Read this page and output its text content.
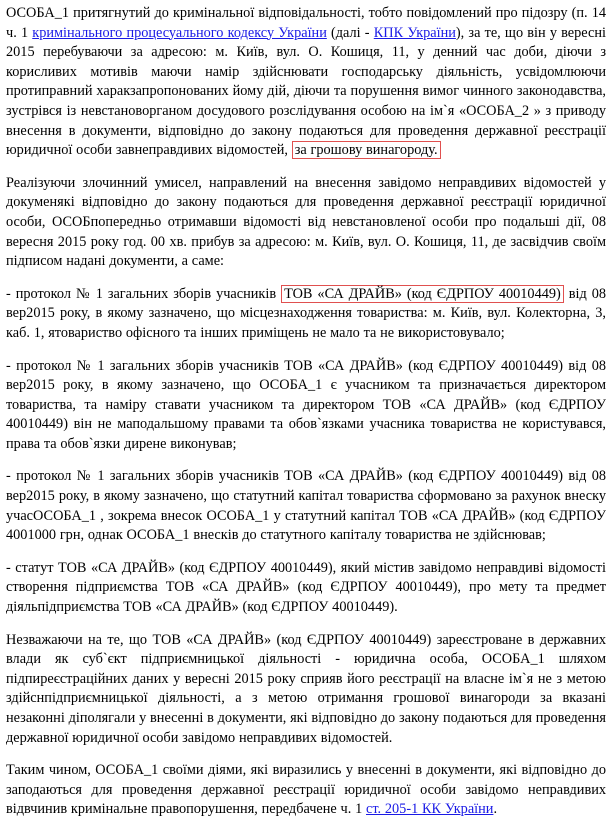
ОСОБА_1 притягнутий до кримінальної відповідальності, тобто повідомлений про підозру (п. 14 ч. 1 кримінального процесуального кодексу України (далі - КПК України), за те, що він у вересні 2015 перебуваючи за адресою: м. Київ, вул. О. Кошиця, 11, у денний час доби, діючи з корисливих мотивів маючи намір здійснювати господарську діяльність, усвідомлюючи протиправний харакзапропонованих йому дій, діючи та порушення вимог чинного законодавства, зустрівся із невстановорганом досудового розслідування особою на ім`я «ОСОБА_2 » з приводу внесення в документи, відповідно до закону подаються для проведення державної реєстрації юридичної особи завнеправдивих відомостей, за грошову винагороду.

Реалізуючи злочинний умисел, направлений на внесення завідомо неправдивих відомостей у докуменякі відповідно до закону подаються для проведення державної реєстрації юридичної особи, ОСОБпопередньо отримавши відомості від невстановленої особи про подальші дії, 08 вересня 2015 року год. 00 хв. прибув за адресою: м. Київ, вул. О. Кошиця, 11, де засвідчив своїм підписом надані документи, а саме:

- протокол № 1 загальних зборів учасників ТОВ «СА ДРАЙВ» (код ЄДРПОУ 40010449) від 08 вер2015 року, в якому зазначено, що місцезнаходження товариства: м. Київ, вул. Колекторна, 3, каб. 1, ятовариство офісного та інших приміщень не мало та не використовувало;

- протокол № 1 загальних зборів учасників ТОВ «СА ДРАЙВ» (код ЄДРПОУ 40010449) від 08 вер2015 року, в якому зазначено, що ОСОБА_1 є учасником та призначається директором товариства, та наміру ставати учасником та директором ТОВ «СА ДРАЙВ» (код ЄДРПОУ 40010449) він не маподальшому правами та обов`язками учасника товариства не користувався, права та обов`язки дирене виконував;

- протокол № 1 загальних зборів учасників ТОВ «СА ДРАЙВ» (код ЄДРПОУ 40010449) від 08 вер2015 року, в якому зазначено, що статутний капітал товариства сформовано за рахунок внеску учасОСОБА_1 , зокрема внесок ОСОБА_1 у статутний капітал ТОВ «СА ДРАЙВ» (код ЄДРПОУ 4001000 грн, однак ОСОБА_1 внесків до статутного капіталу товариства не здійснював;

- статут ТОВ «СА ДРАЙВ» (код ЄДРПОУ 40010449), який містив завідомо неправдиві відомості створення підприємства ТОВ «СА ДРАЙВ» (код ЄДРПОУ 40010449), про мету та предмет діяльпідприємства ТОВ «СА ДРАЙВ» (код ЄДРПОУ 40010449).

Незважаючи на те, що ТОВ «СА ДРАЙВ» (код ЄДРПОУ 40010449) зареєстроване в державних влади як суб`єкт підприємницької діяльності - юридична особа, ОСОБА_1 шляхом підпиреєстраційних даних у вересні 2015 року сприяв його реєстрації на власне ім`я не з метою здійснпідприємницької діяльності, а з метою отримання грошової винагороди за вказані незаконні діполягали у внесенні в документи, які відповідно до закону подаються для проведення державної юридичної особи завідомо неправдивих відомостей.

Таким чином, ОСОБА_1 своїми діями, які виразились у внесенні в документи, які відповідно до заподаються для проведення державної реєстрації юридичної особи завідомо неправдивих відвчинив кримінальне правопорушення, передбачене ч. 1 ст. 205-1 КК України.
